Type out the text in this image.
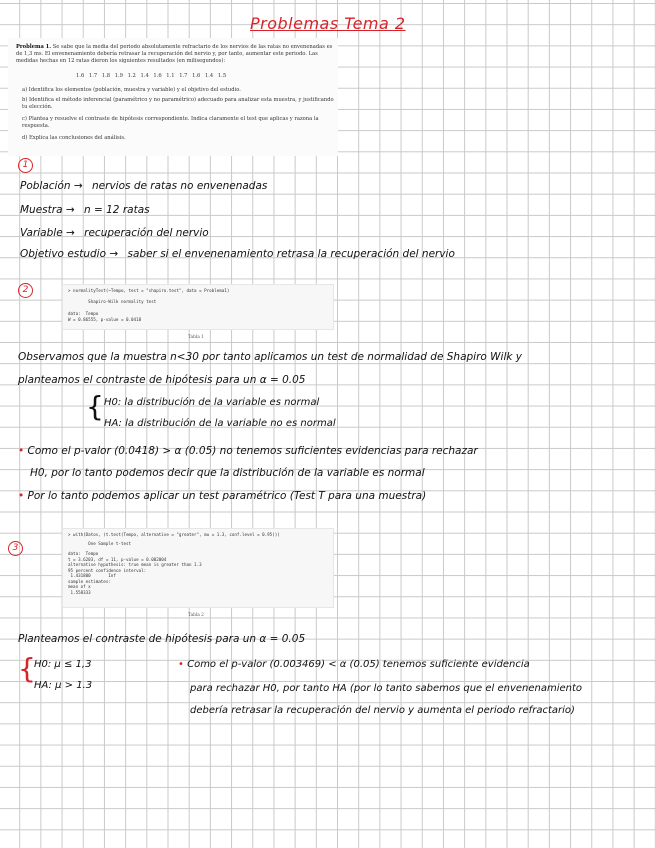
Problemas Tema 2
Problema 1. Se sabe que la media del periodo absolutamente refractario de los nervios de las ratas no envenenadas es de 1,3 ms. El envenenamiento debería retrasar la recuperación del nervio y, por tanto, aumentar este periodo. Las medidas hechas en 12 ratas dieron los siguientes resultados (en milisegundos):
1.6 1.7 1.8 1.9 1.2 1.4 1.6 1.1 1.7 1.6 1.4 1.5
a) Identifica los elementos (población, muestra y variable) y el objetivo del estudio.
b) Identifica el método inferencial (paramétrico y no paramétrico) adecuado para analizar esta muestra, y justificando tu elección.
c) Plantea y resuelve el contraste de hipótesis correspondiente. Indica claramente el test que aplicas y razona la respuesta.
d) Explica las conclusiones del análisis.
1
Población → nervios de ratas no envenenadas
Muestra → n = 12 ratas
Variable → recuperación del nervio
Objetivo estudio → saber si el envenenamiento retrasa la recuperación del nervio
2	> normalityTest(~Tempo, test = "shapiro.test", data = Problema1)
Shapiro-Wilk normality test
data:  Tempo
W = 0.86555, p-value = 0.0418
Tabla 1
Observamos que la muestra n<30 por tanto aplicamos un test de normalidad de Shapiro Wilk y
planteamos el contraste de hipótesis para un α = 0.05
{ H0: la distribución de la variable es normal
HA: la distribución de la variable no es normal
• Como el p-valor (0.0418) > α (0.05) no tenemos suficientes evidencias para rechazar
H0, por lo tanto podemos decir que la distribución de la variable es normal
• Por lo tanto podemos aplicar un test paramétrico (Test T para una muestra)
3
> with(Datos, (t.test(Tempo, alternative = "greater", mu = 1.3, conf.level = 0.95)))
One Sample t-test
data:  Tempo
t = 3.6203, df = 11, p-value = 0.002004
alternative hypothesis: true mean is greater than 1.3
95 percent confidence interval:
1.431800       Inf
sample estimates:
mean of x
1.558333
Tabla 2
Planteamos el contraste de hipótesis para un α = 0.05
{
H0: μ ≤ 1,3
HA: μ > 1.3
• Como el p-valor (0.003469) < α (0.05) tenemos suficiente evidencia
para rechazar H0, por tanto HA (por lo tanto sabemos que el envenenamiento
debería retrasar la recuperación del nervio y aumenta el periodo refractario)
